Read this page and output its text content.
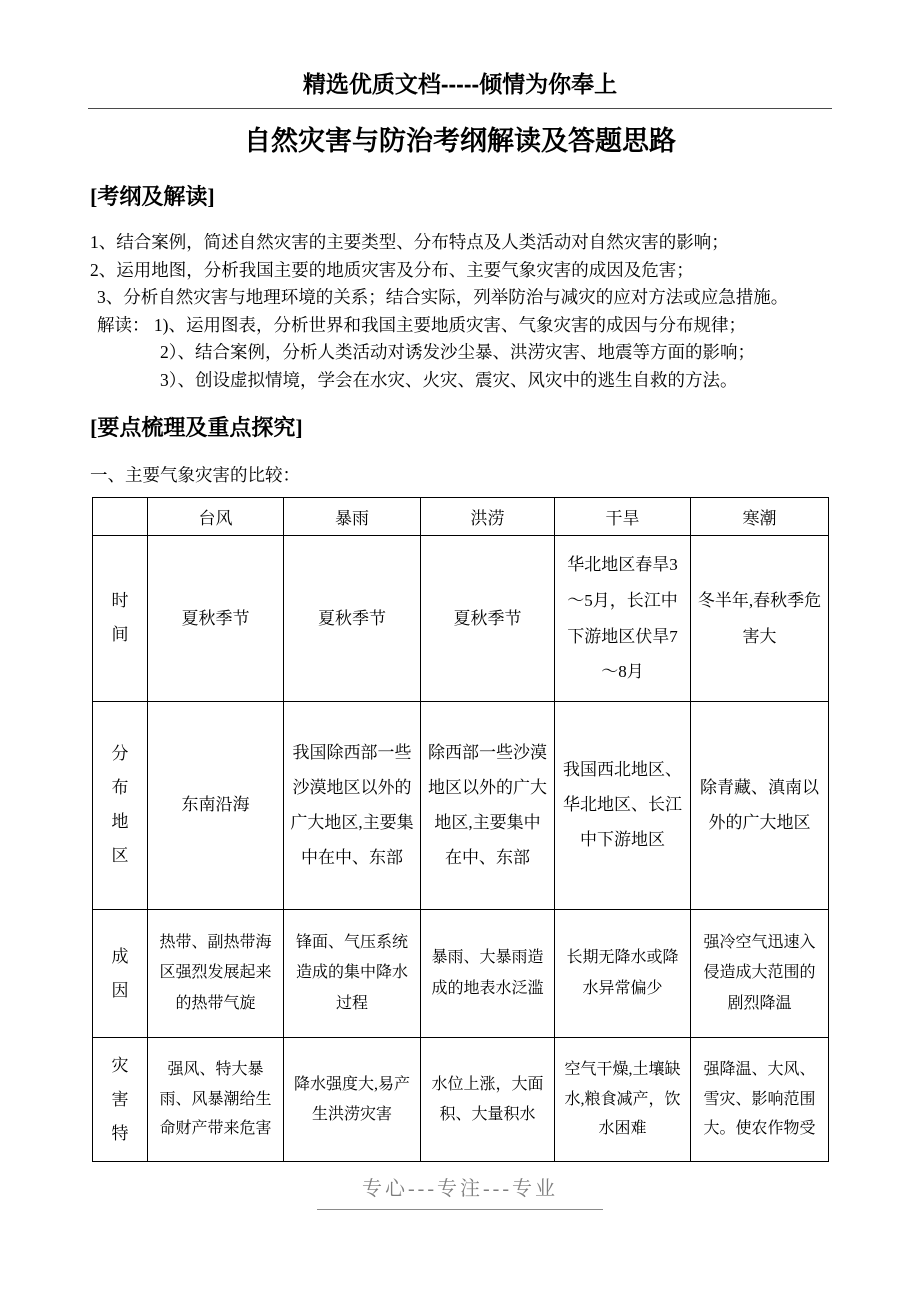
精选优质文档-----倾情为你奉上
自然灾害与防治考纲解读及答题思路
[考纲及解读]

1、结合案例，简述自然灾害的主要类型、分布特点及人类活动对自然灾害的影响；

2、运用地图，分析我国主要的地质灾害及分布、主要气象灾害的成因及危害；

3、分析自然灾害与地理环境的关系；结合实际，列举防治与减灾的应对方法或应急措施。

解读： 1)、运用图表，分析世界和我国主要地质灾害、气象灾害的成因与分布规律；

2）、结合案例，分析人类活动对诱发沙尘暴、洪涝灾害、地震等方面的影响；

3）、创设虚拟情境，学会在水灾、火灾、震灾、风灾中的逃生自救的方法。

[要点梳理及重点探究]

一、主要气象灾害的比较：

	台风	暴雨	洪涝	干旱	寒潮
时间	夏秋季节	夏秋季节	夏秋季节	华北地区春旱3～5月，长江中下游地区伏旱7～8月	冬半年,春秋季危害大
分布地区	东南沿海	我国除西部一些沙漠地区以外的广大地区,主要集中在中、东部	除西部一些沙漠地区以外的广大地区,主要集中在中、东部	我国西北地区、华北地区、长江中下游地区	除青藏、滇南以外的广大地区
成因	热带、副热带海区强烈发展起来的热带气旋	锋面、气压系统造成的集中降水过程	暴雨、大暴雨造成的地表水泛滥	长期无降水或降水异常偏少	强冷空气迅速入侵造成大范围的剧烈降温
灾害特	强风、特大暴雨、风暴潮给生命财产带来危害	降水强度大,易产生洪涝灾害	水位上涨，大面积、大量积水	空气干燥,土壤缺水,粮食减产，饮水困难	强降温、大风、雪灾、影响范围大。使农作物受
专心---专注---专业
